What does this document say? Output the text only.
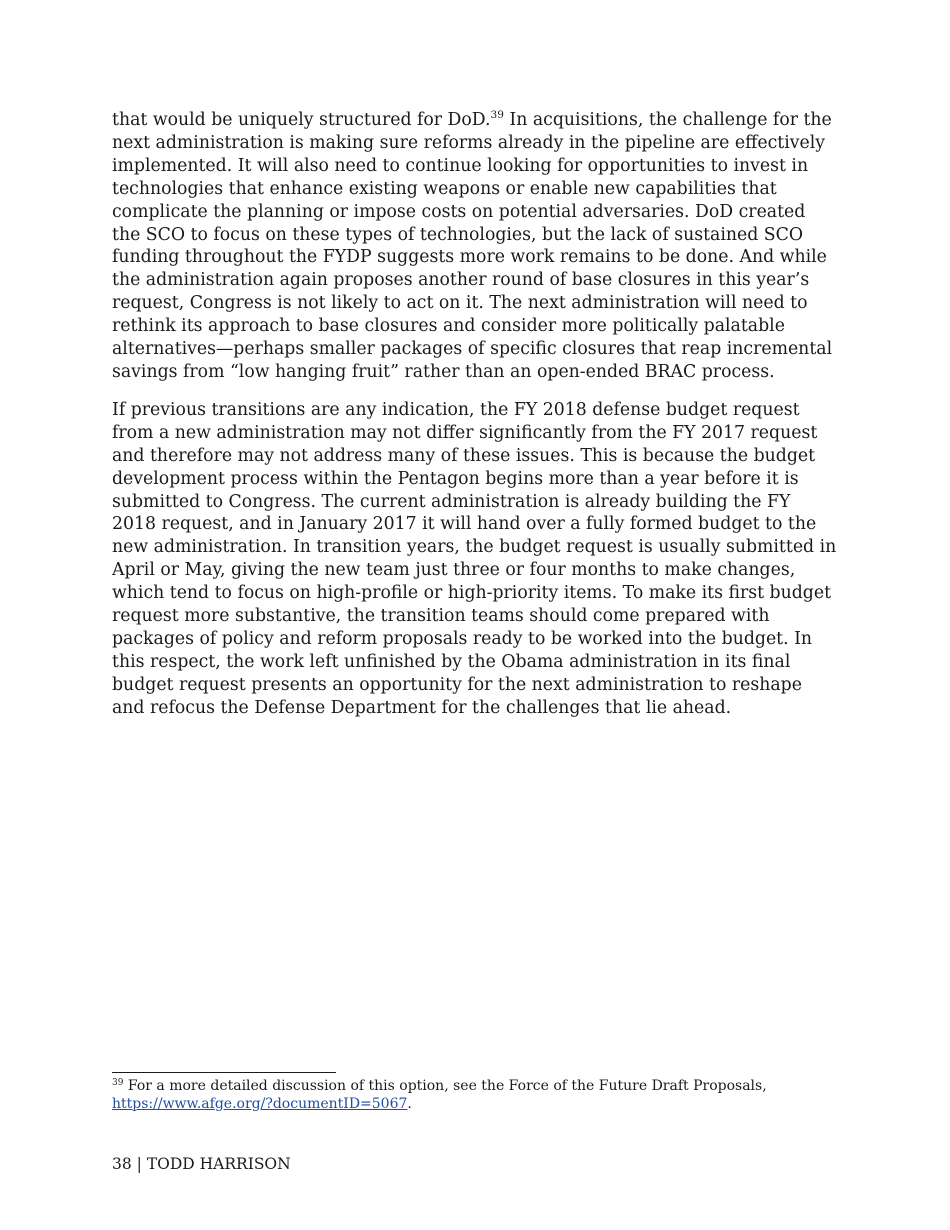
that would be uniquely structured for DoD.$^{39}$ In acquisitions, the challenge for the next administration is making sure reforms already in the pipeline are effectively implemented. It will also need to continue looking for opportunities to invest in technologies that enhance existing weapons or enable new capabilities that complicate the planning or impose costs on potential adversaries. DoD created the SCO to focus on these types of technologies, but the lack of sustained SCO funding throughout the FYDP suggests more work remains to be done. And while the administration again proposes another round of base closures in this year’s request, Congress is not likely to act on it. The next administration will need to rethink its approach to base closures and consider more politically palatable alternatives—perhaps smaller packages of specific closures that reap incremental savings from “low hanging fruit” rather than an open-ended BRAC process.

If previous transitions are any indication, the FY 2018 defense budget request from a new administration may not differ significantly from the FY 2017 request and therefore may not address many of these issues. This is because the budget development process within the Pentagon begins more than a year before it is submitted to Congress. The current administration is already building the FY 2018 request, and in January 2017 it will hand over a fully formed budget to the new administration. In transition years, the budget request is usually submitted in April or May, giving the new team just three or four months to make changes, which tend to focus on high-profile or high-priority items. To make its first budget request more substantive, the transition teams should come prepared with packages of policy and reform proposals ready to be worked into the budget. In this respect, the work left unfinished by the Obama administration in its final budget request presents an opportunity for the next administration to reshape and refocus the Defense Department for the challenges that lie ahead.

$^{39}$ For a more detailed discussion of this option, see the Force of the Future Draft Proposals,
https://www.afge.org/?documentID=5067.
38 | TODD HARRISON
